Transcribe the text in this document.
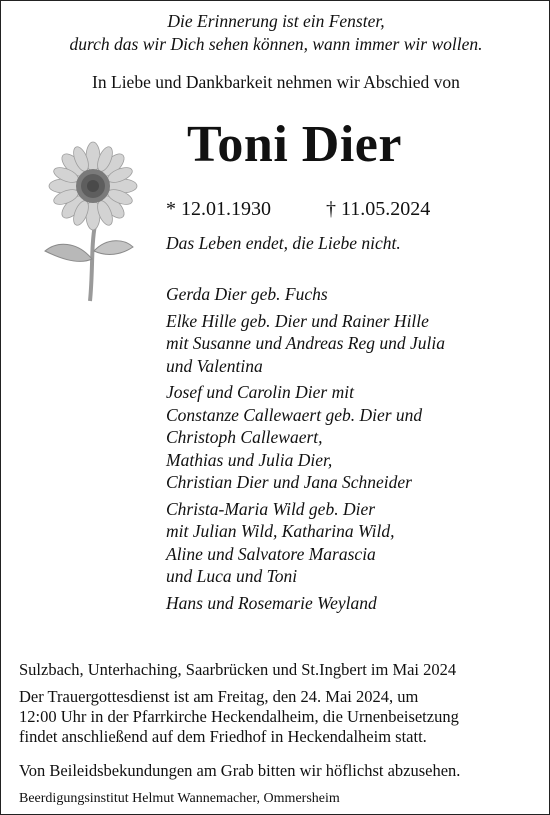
Die Erinnerung ist ein Fenster,
durch das wir Dich sehen können, wann immer wir wollen.
In Liebe und Dankbarkeit nehmen wir Abschied von
Toni Dier
* 12.01.1930	† 11.05.2024
Das Leben endet, die Liebe nicht.
Gerda Dier geb. Fuchs
Elke Hille geb. Dier und Rainer Hille
mit Susanne und Andreas Reg und Julia
und Valentina
Josef und Carolin Dier mit
Constanze Callewaert geb. Dier und
Christoph Callewaert,
Mathias und Julia Dier,
Christian Dier und Jana Schneider
Christa-Maria Wild geb. Dier
mit Julian Wild, Katharina Wild,
Aline und Salvatore Marascia
und Luca und Toni
Hans und Rosemarie Weyland
Sulzbach, Unterhaching, Saarbrücken und St.Ingbert im Mai 2024
Der Trauergottesdienst ist am Freitag, den 24. Mai 2024, um
12:00 Uhr in der Pfarrkirche Heckendalheim, die Urnenbeisetzung
findet anschließend auf dem Friedhof in Heckendalheim statt.
Von Beileidsbekundungen am Grab bitten wir höflichst abzusehen.
Beerdigungsinstitut Helmut Wannemacher, Ommersheim
